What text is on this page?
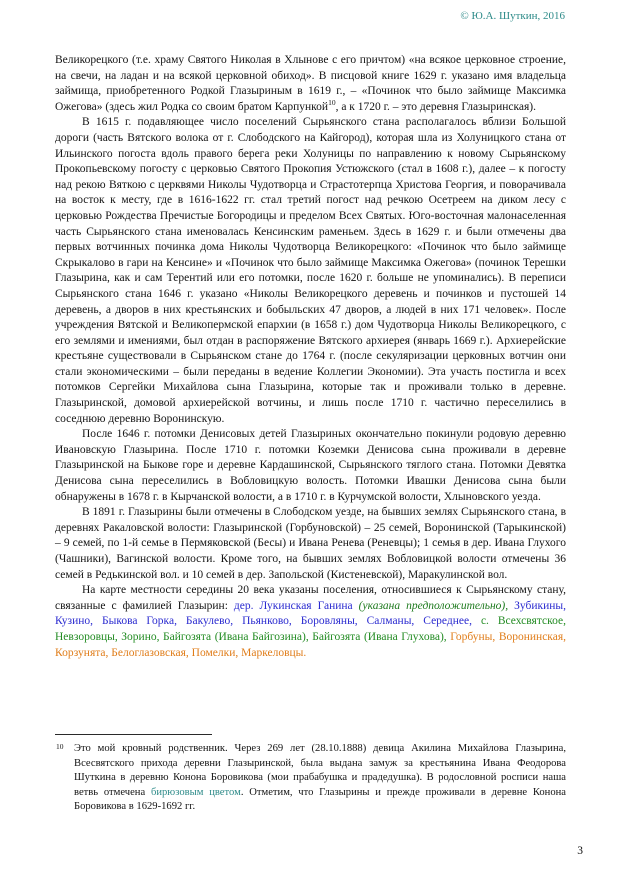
© Ю.А. Шуткин, 2016

Великорецкого (т.е. храму Святого Николая в Хлынове с его причтом) «на всякое церковное строение, на свечи, на ладан и на всякой церковной обиход». В писцовой книге 1629 г. указано имя владельца займища, приобретенного Родкой Глазыриным в 1619 г., – «Починок что было займище Максимка Ожегова» (здесь жил Родка со своим братом Карпункой$^{10}$, а к 1720 г. – это деревня Глазыринская).

В 1615 г. подавляющее число поселений Сырьянского стана располагалось вблизи Большой дороги (часть Вятского волока от г. Слободского на Кайгород), которая шла из Холуницкого стана от Ильинского погоста вдоль правого берега реки Холуницы по направлению к новому Сырьянскому Прокопьевскому погосту с церковью Святого Прокопия Устюжского (стал в 1608 г.), далее – к погосту над рекою Вяткою с церквями Николы Чудотворца и Страстотерпца Христова Георгия, и поворачивала на восток к месту, где в 1616-1622 гг. стал третий погост над речкою Осетреем на диком лесу с церковью Рождества Пречистые Богородицы и пределом Всех Святых. Юго-восточная малонаселенная часть Сырьянского стана именовалась Кенсинским раменьем. Здесь в 1629 г. и были отмечены два первых вотчинных починка дома Николы Чудотворца Великорецкого: «Починок что было займище Скрыкалово в гари на Кенсине» и «Починок что было займище Максимка Ожегова» (починок Терешки Глазырина, как и сам Терентий или его потомки, после 1620 г. больше не упоминались). В переписи Сырьянского стана 1646 г. указано «Николы Великорецкого деревень и починков и пустошей 14 деревень, а дворов в них крестьянских и бобыльских 47 дворов, а людей в них 171 человек». После учреждения Вятской и Великопермской епархии (в 1658 г.) дом Чудотворца Николы Великорецкого, с его землями и имениями, был отдан в распоряжение Вятского архиерея (январь 1669 г.). Архиерейские крестьяне существовали в Сырьянском стане до 1764 г. (после секуляризации церковных вотчин они стали экономическими – были переданы в ведение Коллегии Экономии). Эта участь постигла и всех потомков Сергейки Михайлова сына Глазырина, которые так и проживали только в деревне. Глазыринской, домовой архиерейской вотчины, и лишь после 1710 г. частично переселились в соседнюю деревню Воронинскую.

После 1646 г. потомки Денисовых детей Глазыриных окончательно покинули родовую деревню Ивановскую Глазырина. После 1710 г. потомки Коземки Денисова сына проживали в деревне Глазыринской на Быкове горе и деревне Кардашинской, Сырьянского тяглого стана. Потомки Девятка Денисова сына переселились в Вобловицкую волость. Потомки Ивашки Денисова сына были обнаружены в 1678 г. в Кырчанской волости, а в 1710 г. в Курчумской волости, Хлыновского уезда.

В 1891 г. Глазырины были отмечены в Слободском уезде, на бывших землях Сырьянского стана, в деревнях Ракаловской волости: Глазыринской (Горбуновской) – 25 семей, Воронинской (Тарыкинской) – 9 семей, по 1-й семье в Пермяковской (Бесы) и Ивана Ренева (Реневцы); 1 семья в дер. Ивана Глухого (Чашники), Вагинской волости. Кроме того, на бывших землях Вобловицкой волости отмечены 36 семей в Редькинской вол. и 10 семей в дер. Запольской (Кистеневской), Маракулинской вол.

На карте местности середины 20 века указаны поселения, относившиеся к Сырьянскому стану, связанные с фамилией Глазырин: дер. Лукинская Ганина (указана предположительно), Зубикины, Кузино, Быкова Горка, Бакулево, Пьянково, Боровляны, Салманы, Середнее, с. Всехсвятское, Невзоровцы, Зорино, Байгозята (Ивана Байгозина), Байгозята (Ивана Глухова), Горбуны, Воронинская, Корзунята, Белоглазовская, Помелки, Маркеловцы.

10 Это мой кровный родственник. Через 269 лет (28.10.1888) девица Акилина Михайлова Глазырина, Всесвятского прихода деревни Глазыринской, была выдана замуж за крестьянина Ивана Феодорова Шуткина в деревню Конона Боровикова (мои прабабушка и прадедушка). В родословной росписи наша ветвь отмечена бирюзовым цветом. Отметим, что Глазырины и прежде проживали в деревне Конона Боровикова в 1629-1692 гг.
3
